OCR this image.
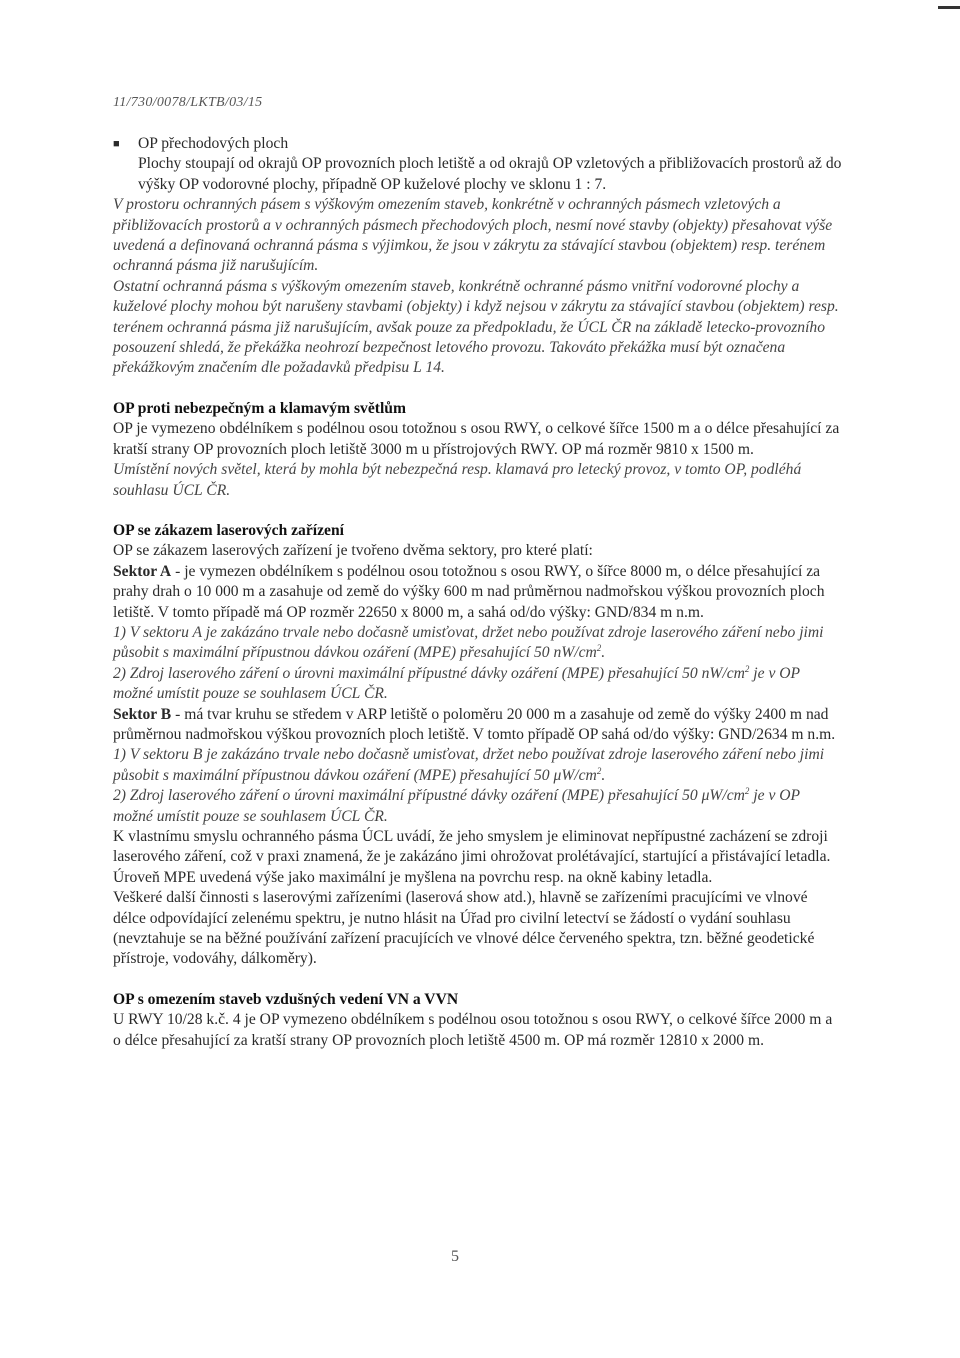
11/730/0078/LKTB/03/15
■ OP přechodových ploch

Plochy stoupají od okrajů OP provozních ploch letiště a od okrajů OP vzletových a přibližovacích prostorů až do výšky OP vodorovné plochy, případně OP kuželové plochy ve sklonu 1 : 7.

V prostoru ochranných pásem s výškovým omezením staveb, konkrétně v ochranných pásmech vzletových a přibližovacích prostorů a v ochranných pásmech přechodových ploch, nesmí nové stavby (objekty) přesahovat výše uvedená a definovaná ochranná pásma s výjimkou, že jsou v zákrytu za stávající stavbou (objektem) resp. terénem ochranná pásma již narušujícím.

Ostatní ochranná pásma s výškovým omezením staveb, konkrétně ochranné pásmo vnitřní vodorovné plochy a kuželové plochy mohou být narušeny stavbami (objekty) i když nejsou v zákrytu za stávající stavbou (objektem) resp. terénem ochranná pásma již narušujícím, avšak pouze za předpokladu, že ÚCL ČR na základě letecko-provozního posouzení shledá, že překážka neohrozí bezpečnost letového provozu. Takováto překážka musí být označena překážkovým značením dle požadavků předpisu L 14.

OP proti nebezpečným a klamavým světlům

OP je vymezeno obdélníkem s podélnou osou totožnou s osou RWY, o celkové šířce 1500 m a o délce přesahující za kratší strany OP provozních ploch letiště 3000 m u přístrojových RWY. OP má rozměr 9810 x 1500 m.

Umístění nových světel, která by mohla být nebezpečná resp. klamavá pro letecký provoz, v tomto OP, podléhá souhlasu ÚCL ČR.

OP se zákazem laserových zařízení

OP se zákazem laserových zařízení je tvořeno dvěma sektory, pro které platí:

Sektor A - je vymezen obdélníkem s podélnou osou totožnou s osou RWY, o šířce 8000 m, o délce přesahující za prahy drah o 10 000 m a zasahuje od země do výšky 600 m nad průměrnou nadmořskou výškou provozních ploch letiště. V tomto případě má OP rozměr 22650 x 8000 m, a sahá od/do výšky: GND/834 m n.m.

1) V sektoru A je zakázáno trvale nebo dočasně umisťovat, držet nebo používat zdroje laserového záření nebo jimi působit s maximální přípustnou dávkou ozáření (MPE) přesahující 50 $nW/cm^2$.

2) Zdroj laserového záření o úrovni maximální přípustné dávky ozáření (MPE) přesahující 50 $nW/cm^2$ je v OP možné umístit pouze se souhlasem ÚCL ČR.

Sektor B - má tvar kruhu se středem v ARP letiště o poloměru 20 000 m a zasahuje od země do výšky 2400 m nad průměrnou nadmořskou výškou provozních ploch letiště. V tomto případě OP sahá od/do výšky: GND/2634 m n.m.

1) V sektoru B je zakázáno trvale nebo dočasně umisťovat, držet nebo používat zdroje laserového záření nebo jimi působit s maximální přípustnou dávkou ozáření (MPE) přesahující 50 $\mu W/cm^2$.

2) Zdroj laserového záření o úrovni maximální přípustné dávky ozáření (MPE) přesahující 50 $\mu W/cm^2$ je v OP možné umístit pouze se souhlasem ÚCL ČR.

K vlastnímu smyslu ochranného pásma ÚCL uvádí, že jeho smyslem je eliminovat nepřípustné zacházení se zdroji laserového záření, což v praxi znamená, že je zakázáno jimi ohrožovat prolétávající, startující a přistávající letadla. Úroveň MPE uvedená výše jako maximální je myšlena na povrchu resp. na okně kabiny letadla.

Veškeré další činnosti s laserovými zařízeními (laserová show atd.), hlavně se zařízeními pracujícími ve vlnové délce odpovídající zelenému spektru, je nutno hlásit na Úřad pro civilní letectví se žádostí o vydání souhlasu (nevztahuje se na běžné používání zařízení pracujících ve vlnové délce červeného spektra, tzn. běžné geodetické přístroje, vodováhy, dálkoměry).

OP s omezením staveb vzdušných vedení VN a VVN

U RWY 10/28 k.č. 4 je OP vymezeno obdélníkem s podélnou osou totožnou s osou RWY, o celkové šířce 2000 m a o délce přesahující za kratší strany OP provozních ploch letiště 4500 m. OP má rozměr 12810 x 2000 m.

5
